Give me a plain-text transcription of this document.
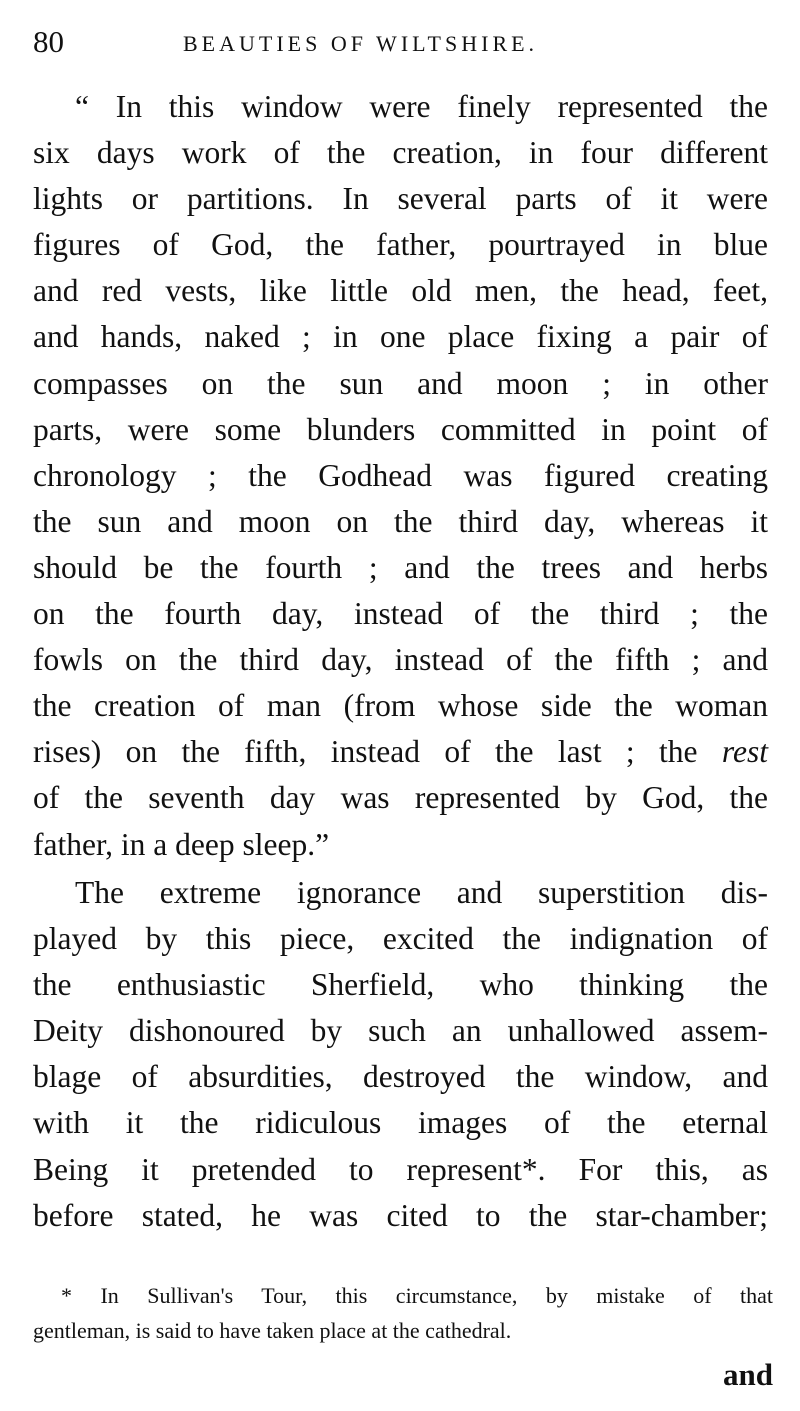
80	BEAUTIES OF WILTSHIRE.
“ In this window were finely represented the
six days work of the creation, in four different
lights or partitions. In several parts of it were
figures of God, the father, pourtrayed in blue
and red vests, like little old men, the head, feet,
and hands, naked ; in one place fixing a pair of
compasses on the sun and moon ; in other
parts, were some blunders committed in point of
chronology ; the Godhead was figured creating
the sun and moon on the third day, whereas it
should be the fourth ; and the trees and herbs
on the fourth day, instead of the third ; the
fowls on the third day, instead of the fifth ; and
the creation of man (from whose side the woman
rises) on the fifth, instead of the last ; the rest
of the seventh day was represented by God, the
father, in a deep sleep.”
The extreme ignorance and superstition dis-
played by this piece, excited the indignation of
the enthusiastic Sherfield, who thinking the
Deity dishonoured by such an unhallowed assem-
blage of absurdities, destroyed the window, and
with it the ridiculous images of the eternal
Being it pretended to represent*. For this, as
before stated, he was cited to the star-chamber;
* In Sullivan's Tour, this circumstance, by mistake of that
gentleman, is said to have taken place at the cathedral.
and
